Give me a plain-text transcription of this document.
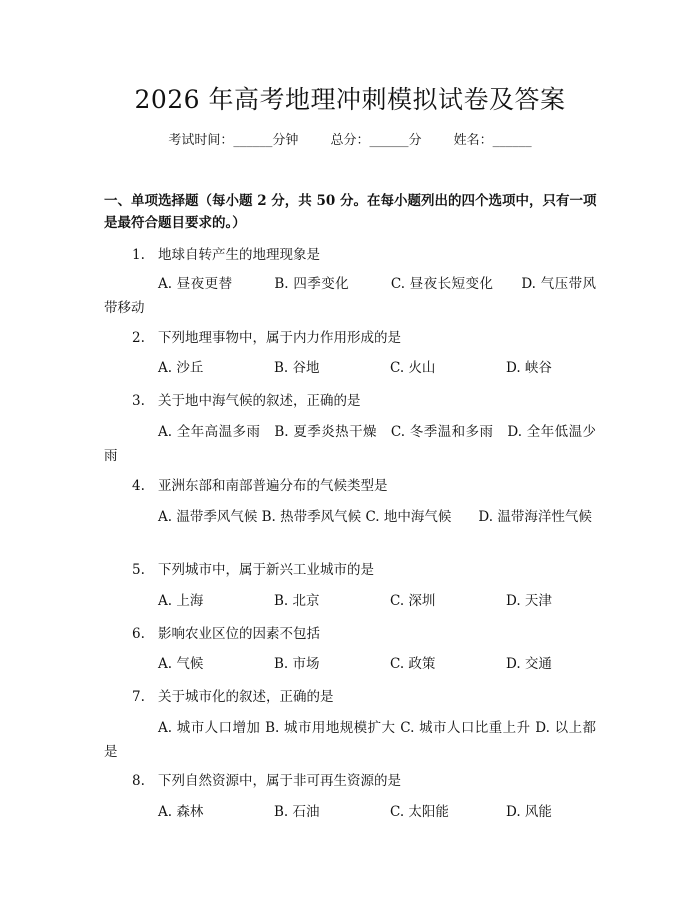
2026 年高考地理冲刺模拟试卷及答案
考试时间：______分钟 总分：______分 姓名：______
一、单项选择题（每小题 2 分，共 50 分。在每小题列出的四个选项中，只有一项是最符合题目要求的。）
1. 地球自转产生的地理现象是
A. 昼夜更替　　　	B. 四季变化　　　	C. 昼夜长短变化　　 D. 气压带风带移动
2. 下列地理事物中，属于内力作用形成的是
A. 沙丘	B. 谷地	C. 火山	D. 峡谷
3. 关于地中海气候的叙述，正确的是
A. 全年高温多雨　 B. 夏季炎热干燥　 C. 冬季温和多雨　 D. 全年低温少雨
4. 亚洲东部和南部普遍分布的气候类型是
A. 温带季风气候 B. 热带季风气候 C. 地中海气候　　 D. 温带海洋性气候
5. 下列城市中，属于新兴工业城市的是
A. 上海	B. 北京	C. 深圳	D. 天津
6. 影响农业区位的因素不包括
A. 气候	B. 市场	C. 政策	D. 交通
7. 关于城市化的叙述，正确的是
A. 城市人口增加 B. 城市用地规模扩大 C. 城市人口比重上升 D. 以上都是
8. 下列自然资源中，属于非可再生资源的是
A. 森林	B. 石油	C. 太阳能	D. 风能
